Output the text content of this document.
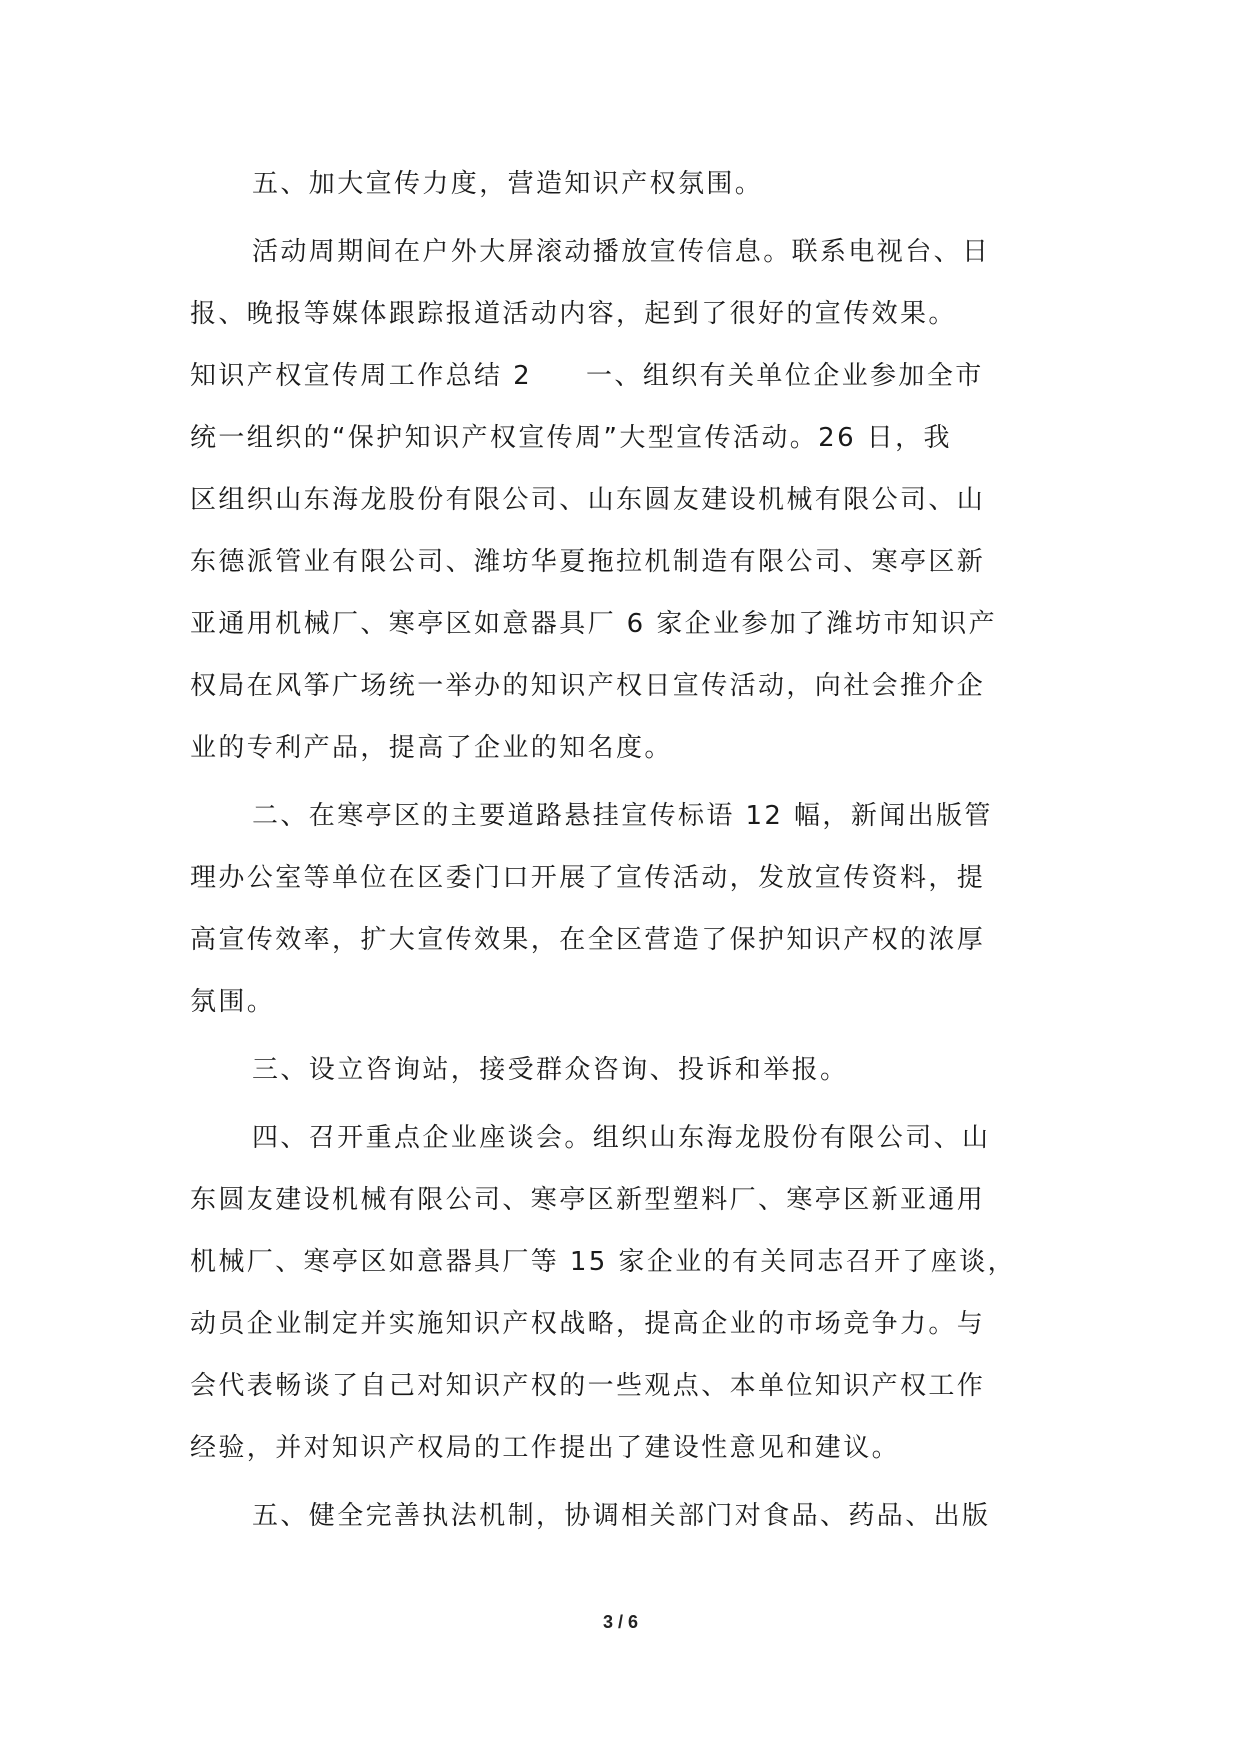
五、加大宣传力度，营造知识产权氛围。
活动周期间在户外大屏滚动播放宣传信息。联系电视台、日
报、晚报等媒体跟踪报道活动内容，起到了很好的宣传效果。
知识产权宣传周工作总结 2 一、组织有关单位企业参加全市
统一组织的“保护知识产权宣传周”大型宣传活动。26 日，我
区组织山东海龙股份有限公司、山东圆友建设机械有限公司、山
东德派管业有限公司、潍坊华夏拖拉机制造有限公司、寒亭区新
亚通用机械厂、寒亭区如意器具厂 6 家企业参加了潍坊市知识产
权局在风筝广场统一举办的知识产权日宣传活动，向社会推介企
业的专利产品，提高了企业的知名度。
二、在寒亭区的主要道路悬挂宣传标语 12 幅，新闻出版管
理办公室等单位在区委门口开展了宣传活动，发放宣传资料，提
高宣传效率，扩大宣传效果，在全区营造了保护知识产权的浓厚
氛围。
三、设立咨询站，接受群众咨询、投诉和举报。
四、召开重点企业座谈会。组织山东海龙股份有限公司、山
东圆友建设机械有限公司、寒亭区新型塑料厂、寒亭区新亚通用
机械厂、寒亭区如意器具厂等 15 家企业的有关同志召开了座谈，
动员企业制定并实施知识产权战略，提高企业的市场竞争力。与
会代表畅谈了自己对知识产权的一些观点、本单位知识产权工作
经验，并对知识产权局的工作提出了建设性意见和建议。
五、健全完善执法机制，协调相关部门对食品、药品、出版
3 / 6
